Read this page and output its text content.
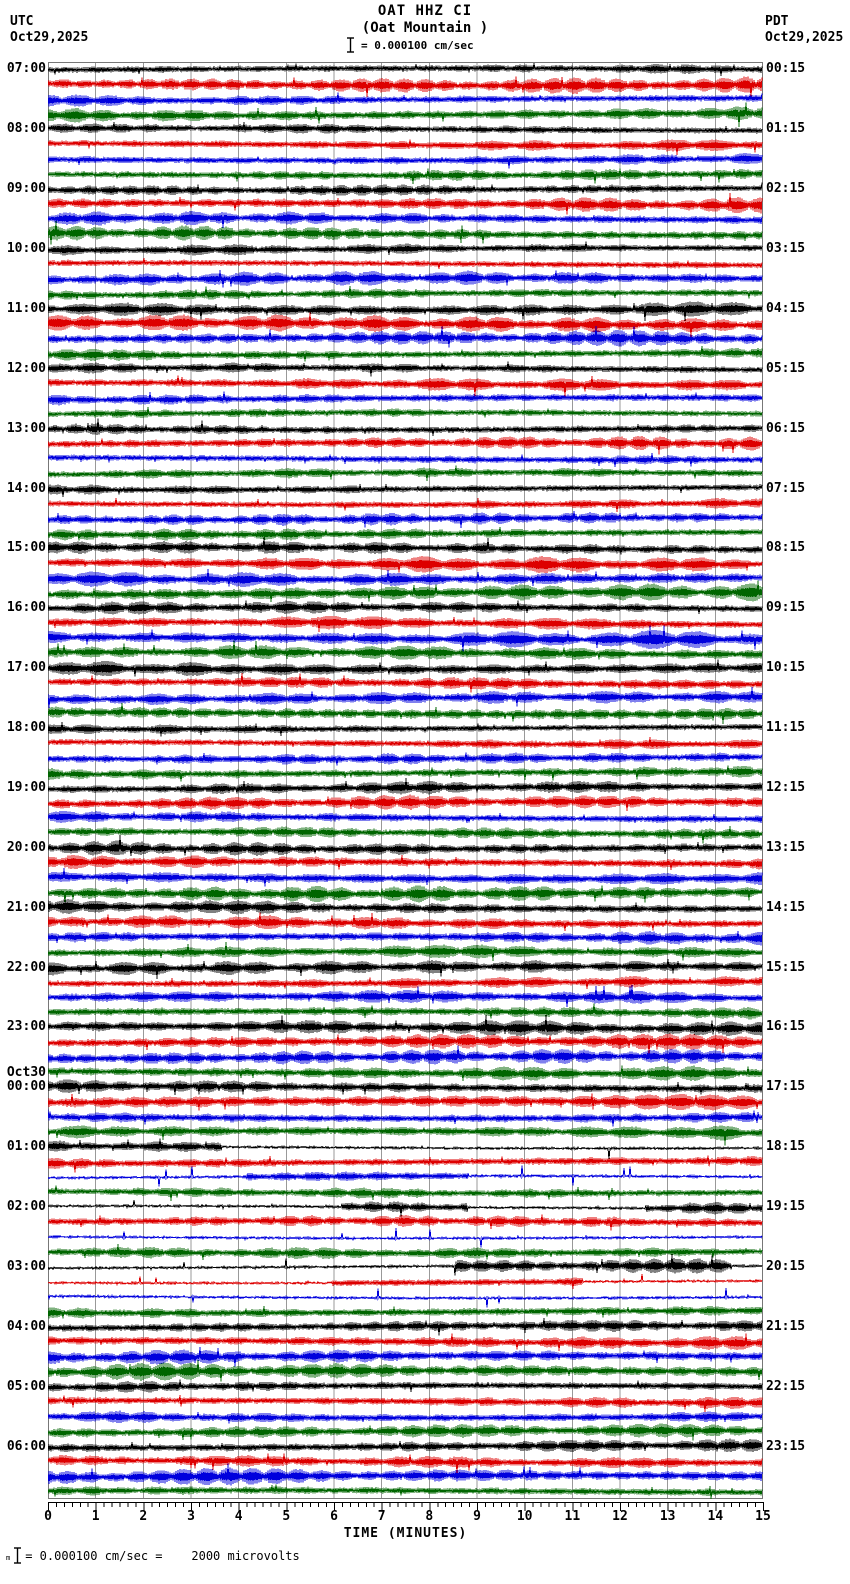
OAT HHZ CI
(Oat Mountain )
= 0.000100 cm/sec
UTC
Oct29,2025
PDT
Oct29,2025
07:00
08:00
09:00
10:00
11:00
12:00
13:00
14:00
15:00
16:00
17:00
18:00
19:00
20:00
21:00
22:00
23:00
Oct30
00:00
01:00
02:00
03:00
04:00
05:00
06:00
00:15
01:15
02:15
03:15
04:15
05:15
06:15
07:15
08:15
09:15
10:15
11:15
12:15
13:15
14:15
15:15
16:15
17:15
18:15
19:15
20:15
21:15
22:15
23:15
0	1	2	3	4	5	6	7	8	9	10	11	12	13	14	15
TIME (MINUTES)
m = 0.000100 cm/sec =    2000 microvolts
